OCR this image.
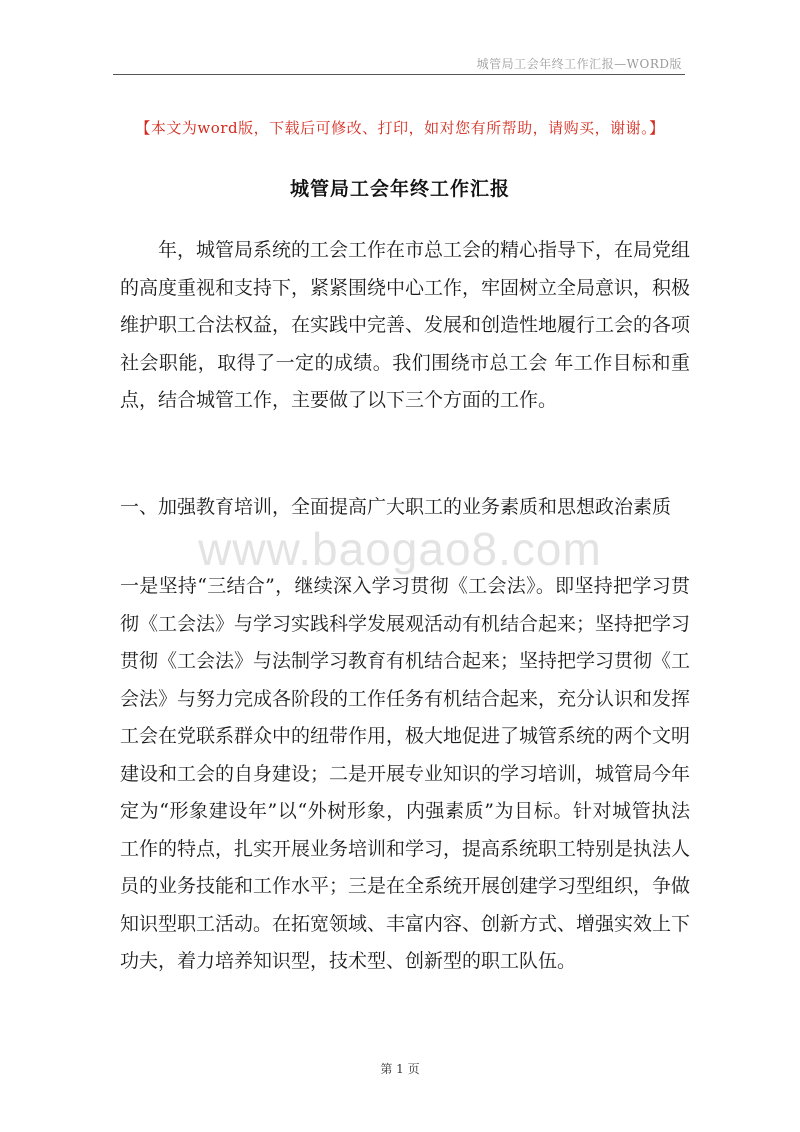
城管局工会年终工作汇报—WORD版
【本文为word版，下载后可修改、打印，如对您有所帮助，请购买，谢谢。】
城管局工会年终工作汇报

年，城管局系统的工会工作在市总工会的精心指导下，在局党组的高度重视和支持下，紧紧围绕中心工作，牢固树立全局意识，积极维护职工合法权益，在实践中完善、发展和创造性地履行工会的各项社会职能，取得了一定的成绩。我们围绕市总工会 年工作目标和重点，结合城管工作，主要做了以下三个方面的工作。

一、加强教育培训，全面提高广大职工的业务素质和思想政治素质

www.baogao8.com

一是坚持“三结合”，继续深入学习贯彻《工会法》。即坚持把学习贯彻《工会法》与学习实践科学发展观活动有机结合起来；坚持把学习贯彻《工会法》与法制学习教育有机结合起来；坚持把学习贯彻《工会法》与努力完成各阶段的工作任务有机结合起来，充分认识和发挥工会在党联系群众中的纽带作用，极大地促进了城管系统的两个文明建设和工会的自身建设；二是开展专业知识的学习培训，城管局今年定为“形象建设年”以“外树形象，内强素质”为目标。针对城管执法工作的特点，扎实开展业务培训和学习，提高系统职工特别是执法人员的业务技能和工作水平；三是在全系统开展创建学习型组织，争做知识型职工活动。在拓宽领域、丰富内容、创新方式、增强实效上下功夫，着力培养知识型，技术型、创新型的职工队伍。

第 1 页
